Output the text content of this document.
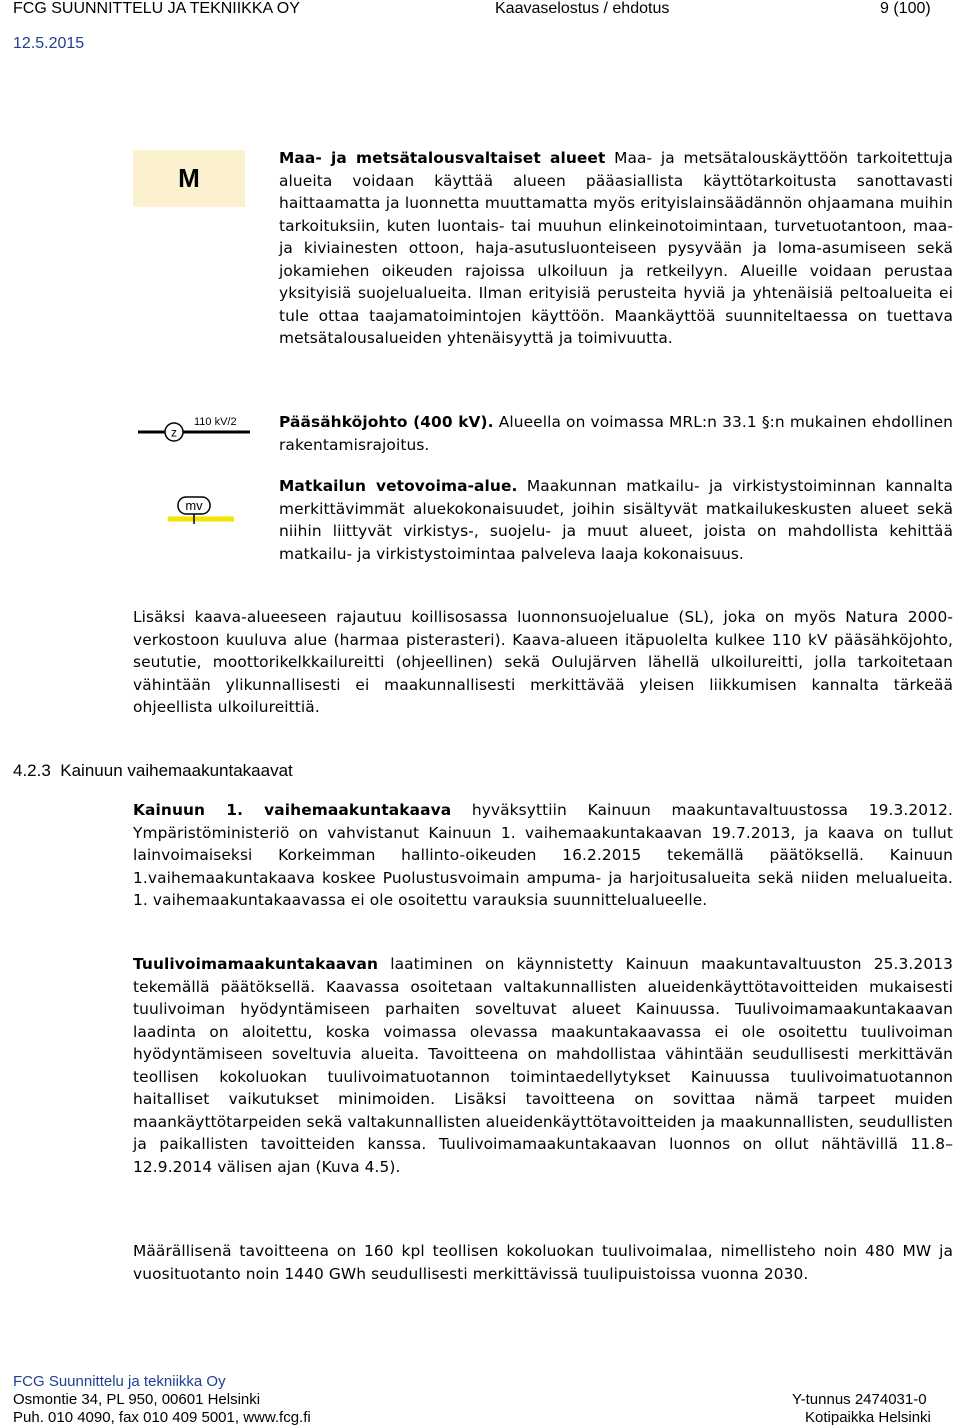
FCG SUUNNITTELU JA TEKNIIKKA OY	Kaavaselostus / ehdotus	9 (100)
12.5.2015
M
Maa- ja metsätalousvaltaiset alueet Maa- ja metsätalouskäyttöön tarkoitettuja alueita voidaan käyttää alueen pääasiallista käyttötarkoitusta sanottavasti haittaamatta ja luonnetta muuttamatta myös erityislainsäädännön ohjaamana muihin tarkoituksiin, kuten luontais- tai muuhun elinkeinotoimintaan, turvetuotantoon, maa- ja kiviainesten ottoon, haja-asutusluonteiseen pysyvään ja loma-asumiseen sekä jokamiehen oikeuden rajoissa ulkoiluun ja retkeilyyn. Alueille voidaan perustaa yksityisiä suojelualueita. Ilman erityisiä perusteita hyviä ja yhtenäisiä peltoalueita ei tule ottaa taajamatoimintojen käyttöön. Maankäyttöä suunniteltaessa on tuettava metsätalousalueiden yhtenäisyyttä ja toimivuutta.
z
110 kV/2	Pääsähköjohto (400 kV). Alueella on voimassa MRL:n 33.1 §:n mukainen ehdollinen rakentamisrajoitus.
mv
Matkailun vetovoima-alue. Maakunnan matkailu- ja virkistystoiminnan kannalta merkittävimmät aluekokonaisuudet, joihin sisältyvät matkailukeskusten alueet sekä niihin liittyvät virkistys-, suojelu- ja muut alueet, joista on mahdollista kehittää matkailu- ja virkistystoimintaa palveleva laaja kokonaisuus.
Lisäksi kaava-alueeseen rajautuu koillisosassa luonnonsuojelualue (SL), joka on myös Natura 2000-verkostoon kuuluva alue (harmaa pisterasteri). Kaava-alueen itäpuolelta kulkee 110 kV pääsähköjohto, seututie, moottorikelkkailureitti (ohjeellinen) sekä Oulujärven lähellä ulkoilureitti, jolla tarkoitetaan vähintään ylikunnallisesti ei maakunnallisesti merkittävää yleisen liikkumisen kannalta tärkeää ohjeellista ulkoilureittiä.
4.2.3 Kainuun vaihemaakuntakaavat
Kainuun 1. vaihemaakuntakaava hyväksyttiin Kainuun maakuntavaltuustossa 19.3.2012. Ympäristöministeriö on vahvistanut Kainuun 1. vaihemaakuntakaavan 19.7.2013, ja kaava on tullut lainvoimaiseksi Korkeimman hallinto-oikeuden 16.2.2015 tekemällä päätöksellä. Kainuun 1.vaihemaakuntakaava koskee Puolustusvoimain ampuma- ja harjoitusalueita sekä niiden melualueita. 1. vaihemaakuntakaavassa ei ole osoitettu varauksia suunnittelualueelle.
Tuulivoimamaakuntakaavan laatiminen on käynnistetty Kainuun maakuntavaltuuston 25.3.2013 tekemällä päätöksellä. Kaavassa osoitetaan valtakunnallisten alueidenkäyttötavoitteiden mukaisesti tuulivoiman hyödyntämiseen parhaiten soveltuvat alueet Kainuussa. Tuulivoimamaakuntakaavan laadinta on aloitettu, koska voimassa olevassa maakuntakaavassa ei ole osoitettu tuulivoiman hyödyntämiseen soveltuvia alueita. Tavoitteena on mahdollistaa vähintään seudullisesti merkittävän teollisen kokoluokan tuulivoimatuotannon toimintaedellytykset Kainuussa tuulivoimatuotannon haitalliset vaikutukset minimoiden. Lisäksi tavoitteena on sovittaa nämä tarpeet muiden maankäyttötarpeiden sekä valtakunnallisten alueidenkäyttötavoitteiden ja maakunnallisten, seudullisten ja paikallisten tavoitteiden kanssa. Tuulivoimamaakuntakaavan luonnos on ollut nähtävillä 11.8–12.9.2014 välisen ajan (Kuva 4.5).
Määrällisenä tavoitteena on 160 kpl teollisen kokoluokan tuulivoimalaa, nimellisteho noin 480 MW ja vuosituotanto noin 1440 GWh seudullisesti merkittävissä tuulipuistoissa vuonna 2030.
FCG Suunnittelu ja tekniikka Oy
Osmontie 34, PL 950, 00601 Helsinki
Puh. 010 4090, fax 010 409 5001, www.fcg.fi
Y-tunnus 2474031-0
Kotipaikka Helsinki
